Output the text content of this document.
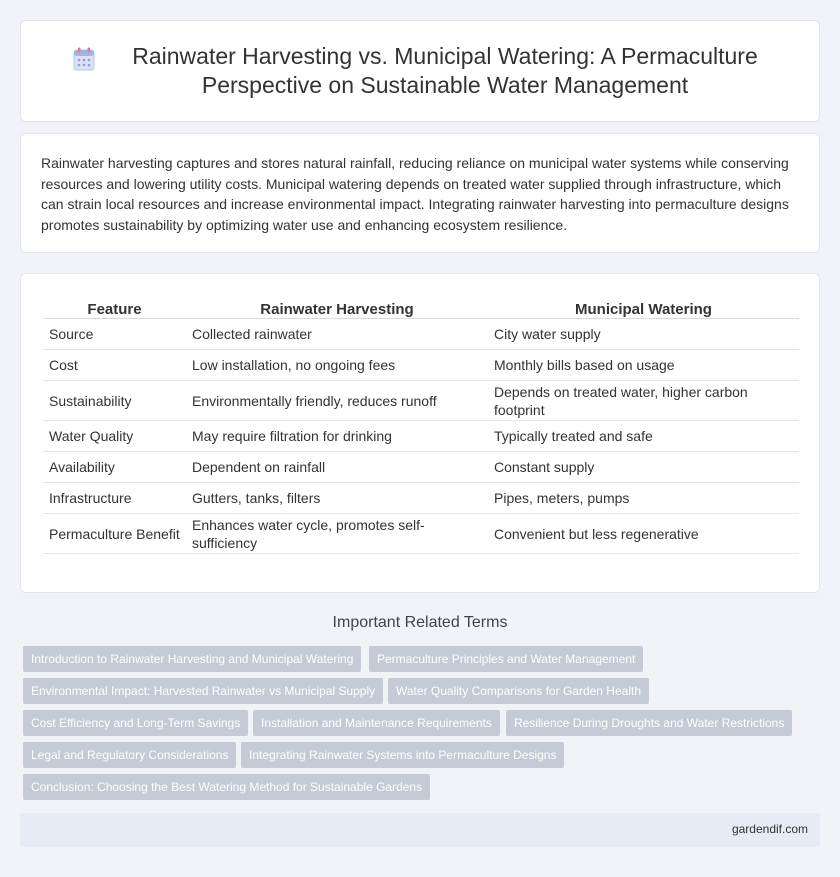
Rainwater Harvesting vs. Municipal Watering: A Permaculture Perspective on Sustainable Water Management

Rainwater harvesting captures and stores natural rainfall, reducing reliance on municipal water systems while conserving resources and lowering utility costs. Municipal watering depends on treated water supplied through infrastructure, which can strain local resources and increase environmental impact. Integrating rainwater harvesting into permaculture designs promotes sustainability by optimizing water use and enhancing ecosystem resilience.

Feature	Rainwater Harvesting	Municipal Watering
Source	Collected rainwater	City water supply
Cost	Low installation, no ongoing fees	Monthly bills based on usage
Sustainability	Environmentally friendly, reduces runoff	Depends on treated water, higher carbon footprint
Water Quality	May require filtration for drinking	Typically treated and safe
Availability	Dependent on rainfall	Constant supply
Infrastructure	Gutters, tanks, filters	Pipes, meters, pumps
Permaculture Benefit	Enhances water cycle, promotes self-sufficiency	Convenient but less regenerative
Important Related Terms
Introduction to Rainwater Harvesting and Municipal Watering	Permaculture Principles and Water Management
Environmental Impact: Harvested Rainwater vs Municipal Supply	Water Quality Comparisons for Garden Health
Cost Efficiency and Long-Term Savings	Installation and Maintenance Requirements	Resilience During Droughts and Water Restrictions
Legal and Regulatory Considerations	Integrating Rainwater Systems into Permaculture Designs
Conclusion: Choosing the Best Watering Method for Sustainable Gardens
gardendif.com
